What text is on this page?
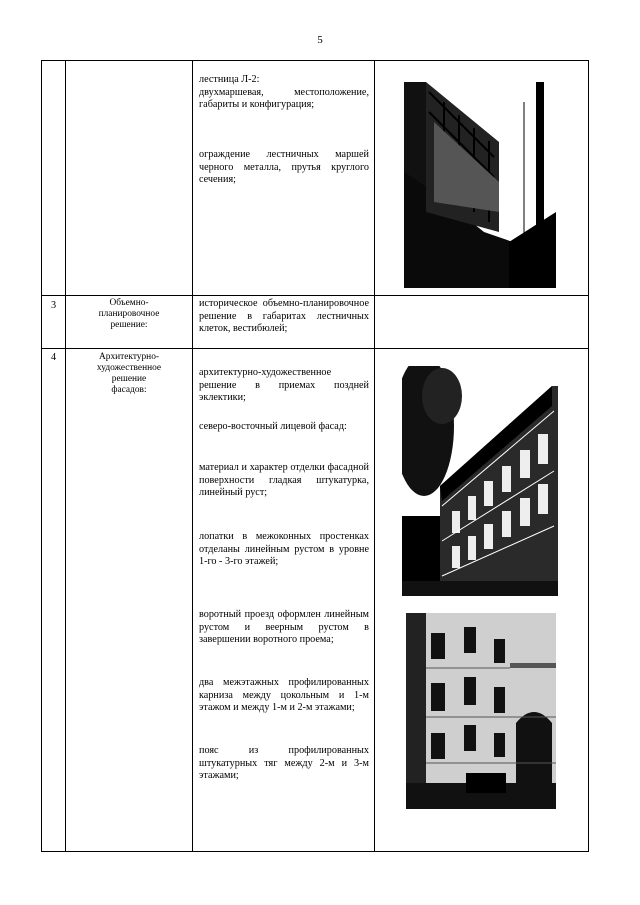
5
лестница Л-2:
двухмаршевая, местоположение, габариты и конфигурация;
ограждение лестничных маршей черного металла, прутья круглого сечения;
3	Объемно-
планировочное
решение:
историческое объемно-планировочное решение в габаритах лестничных клеток, вестибюлей;
4	Архитектурно-
художественное
решение
фасадов:
архитектурно-художественное решение в приемах поздней эклектики;
северо-восточный лицевой фасад:
материал и характер отделки фасадной поверхности гладкая штукатурка, линейный руст;
лопатки в межоконных простенках отделаны линейным рустом в уровне 1-го - 3-го этажей;
воротный проезд оформлен линейным рустом и веерным рустом в завершении воротного проема;
два межэтажных профилированных карниза между цокольным и 1-м этажом и между 1-м и 2-м этажами;
пояс из профилированных штукатурных тяг между 2-м и 3-м этажами;
